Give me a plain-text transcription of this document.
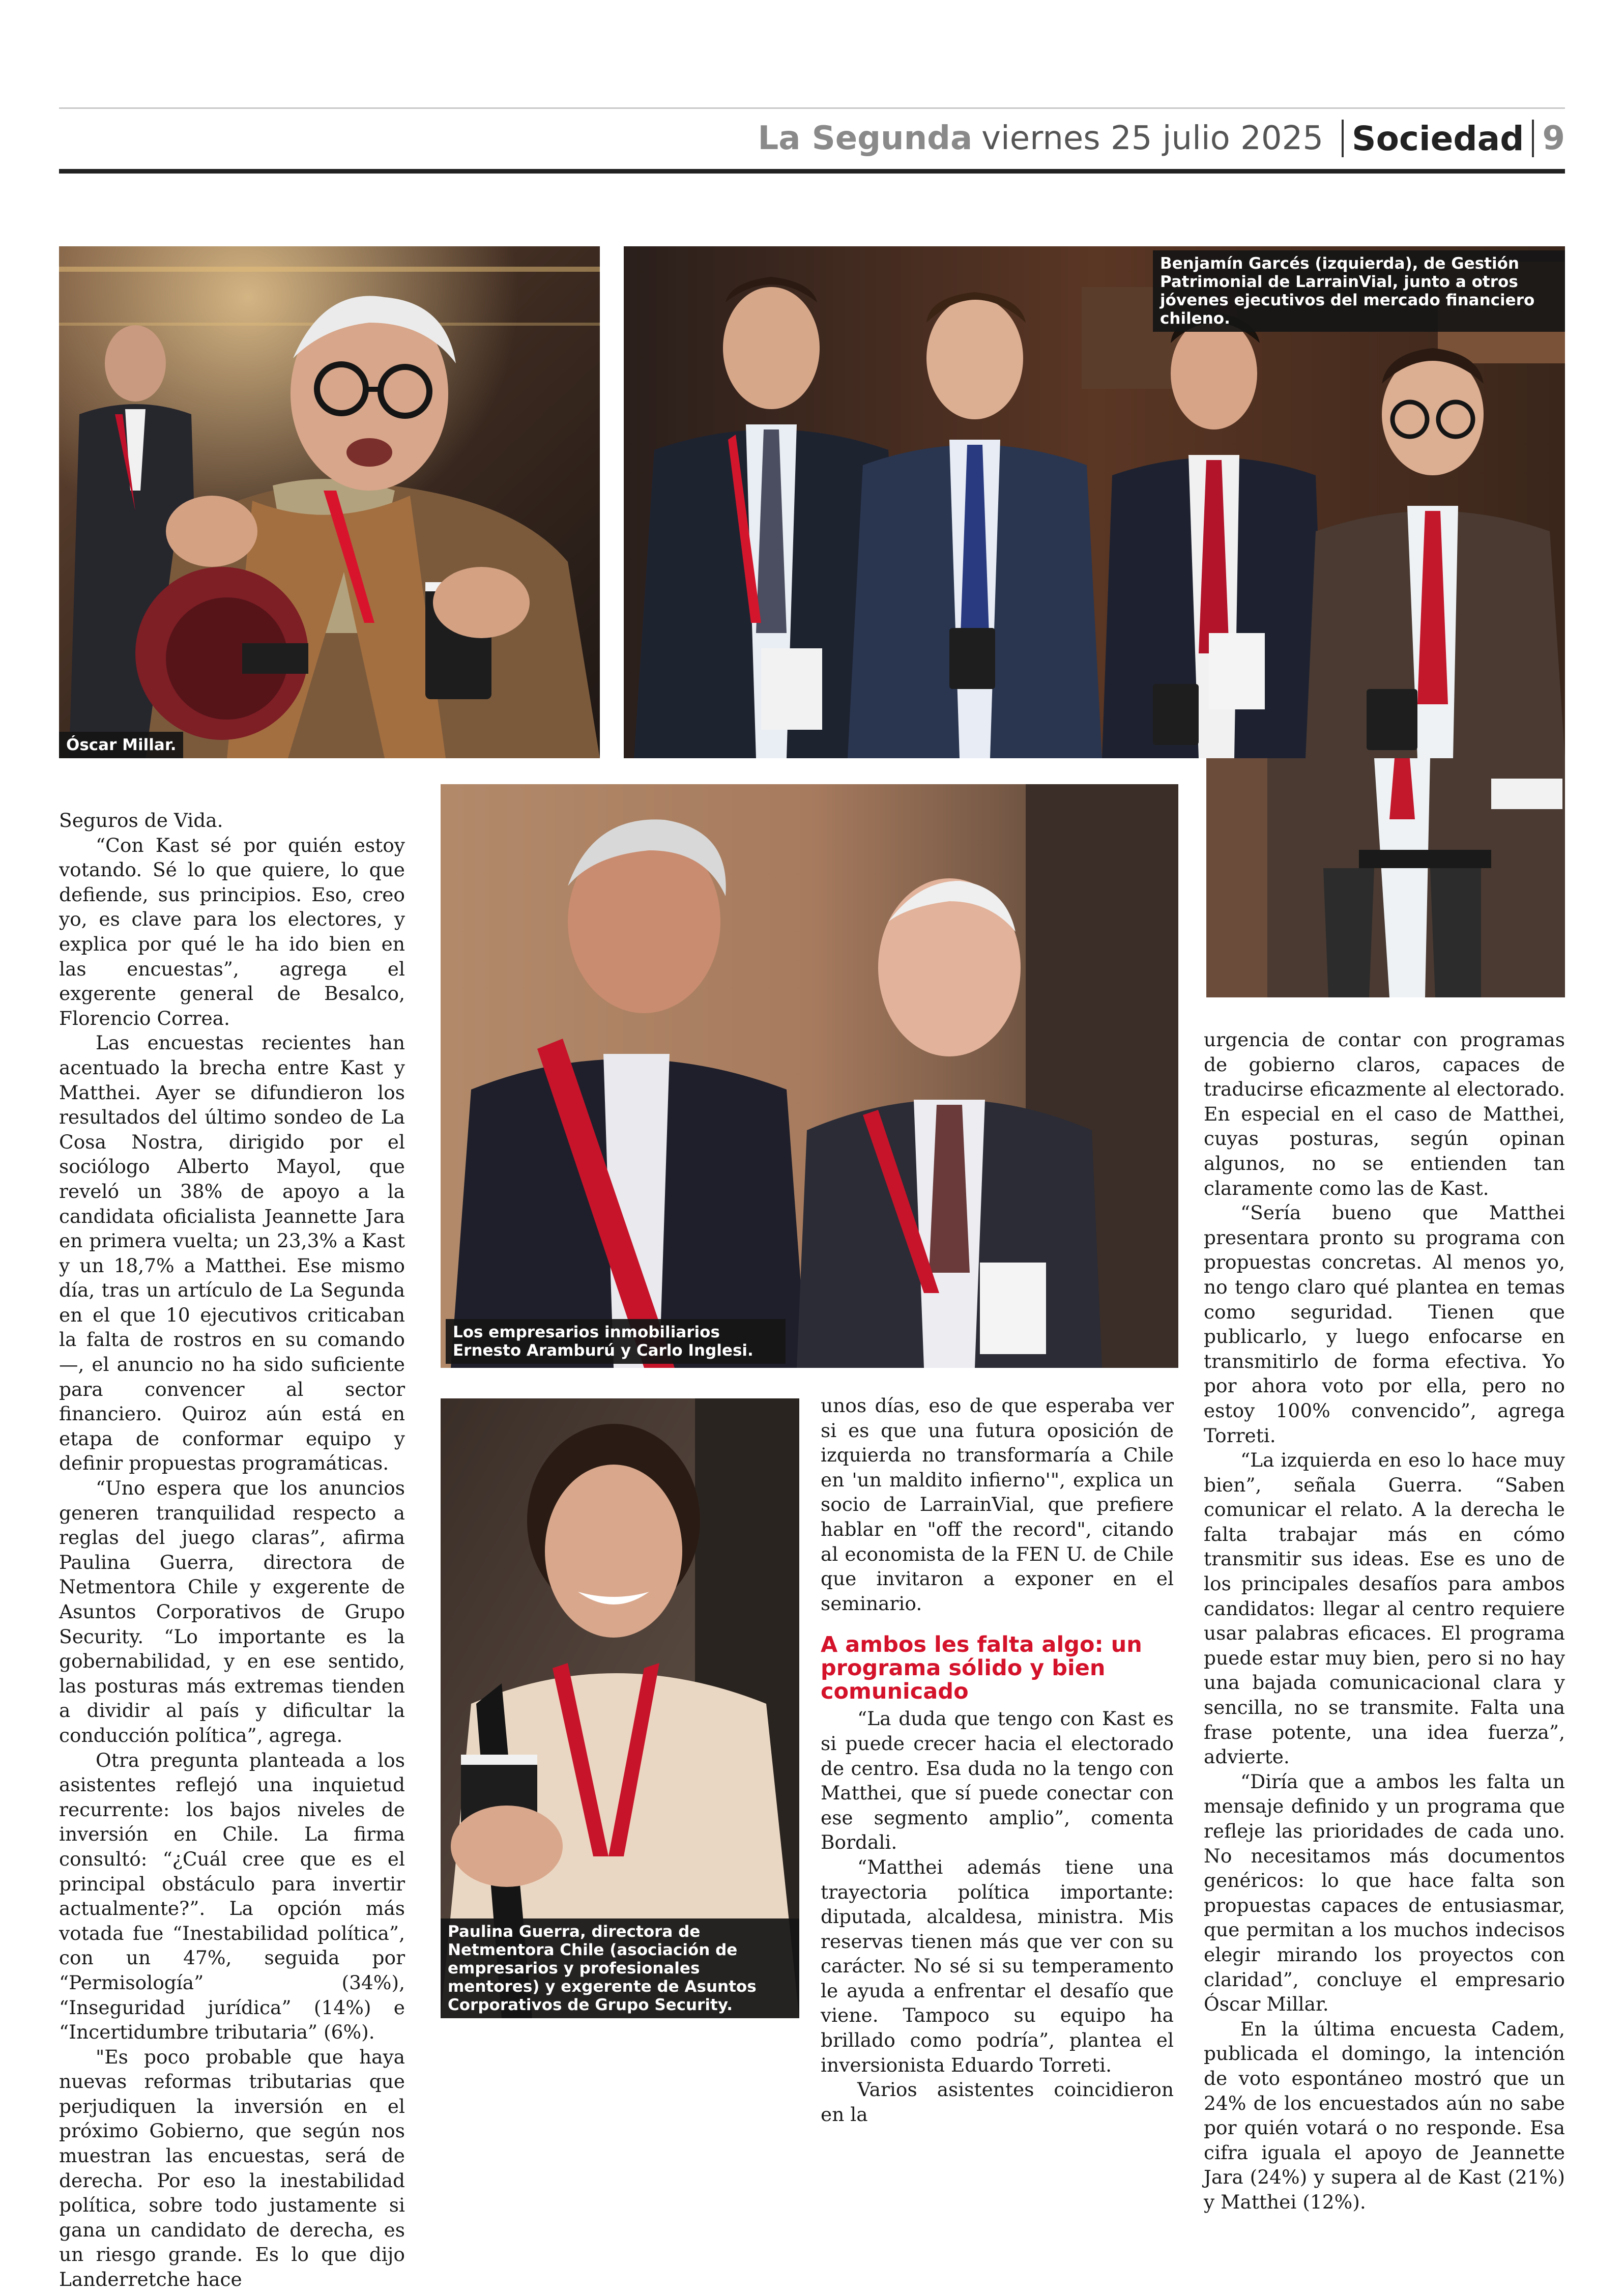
La Segunda viernes 25 julio 2025 Sociedad 9
Óscar Millar.
Benjamín Garcés (izquierda), de Gestión Patrimonial de LarrainVial, junto a otros jóvenes ejecutivos del mercado financiero chileno.
Los empresarios inmobiliarios Ernesto Aramburú y Carlo Inglesi.
Paulina Guerra, directora de Netmentora Chile (asociación de empresarios y profesionales mentores) y exgerente de Asuntos Corporativos de Grupo Security.

Seguros de Vida.

“Con Kast sé por quién estoy votando. Sé lo que quiere, lo que defiende, sus principios. Eso, creo yo, es clave para los electores, y explica por qué le ha ido bien en las encuestas”, agrega el exgerente general de Besalco, Florencio Correa.

Las encuestas recientes han acentuado la brecha entre Kast y Matthei. Ayer se difundieron los resultados del último sondeo de La Cosa Nostra, dirigido por el sociólogo Alberto Mayol, que reveló un 38% de apoyo a la candidata oficialista Jeannette Jara en primera vuelta; un 23,3% a Kast y un 18,7% a Matthei. Ese mismo día, tras un artículo de La Segunda en el que 10 ejecutivos criticaban la falta de rostros en su comando—, el anuncio no ha sido suficiente para convencer al sector financiero. Quiroz aún está en etapa de conformar equipo y definir propuestas programáticas.

“Uno espera que los anuncios generen tranquilidad respecto a reglas del juego claras”, afirma Paulina Guerra, directora de Netmentora Chile y exgerente de Asuntos Corporativos de Grupo Security. “Lo importante es la gobernabilidad, y en ese sentido, las posturas más extremas tienden a dividir al país y dificultar la conducción política”, agrega.

Otra pregunta planteada a los asistentes reflejó una inquietud recurrente: los bajos niveles de inversión en Chile. La firma consultó: “¿Cuál cree que es el principal obstáculo para invertir actualmente?”. La opción más votada fue “Inestabilidad política”, con un 47%, seguida por “Permisología” (34%), “Inseguridad jurídica” (14%) e “Incertidumbre tributaria” (6%).

"Es poco probable que haya nuevas reformas tributarias que perjudiquen la inversión en el próximo Gobierno, que según nos muestran las encuestas, será de derecha. Por eso la inestabilidad política, sobre todo justamente si gana un candidato de derecha, es un riesgo grande. Es lo que dijo Landerretche hace

unos días, eso de que esperaba ver si es que una futura oposición de izquierda no transformaría a Chile en 'un maldito infierno'", explica un socio de LarrainVial, que prefiere hablar en "off the record", citando al economista de la FEN U. de Chile que invitaron a exponer en el seminario.

A ambos les falta algo: un programa sólido y bien comunicado

“La duda que tengo con Kast es si puede crecer hacia el electorado de centro. Esa duda no la tengo con Matthei, que sí puede conectar con ese segmento amplio”, comenta Bordali.

“Matthei además tiene una trayectoria política importante: diputada, alcaldesa, ministra. Mis reservas tienen más que ver con su carácter. No sé si su temperamento le ayuda a enfrentar el desafío que viene. Tampoco su equipo ha brillado como podría”, plantea el inversionista Eduardo Torreti.

Varios asistentes coincidieron en la

urgencia de contar con programas de gobierno claros, capaces de traducirse eficazmente al electorado. En especial en el caso de Matthei, cuyas posturas, según opinan algunos, no se entienden tan claramente como las de Kast.

“Sería bueno que Matthei presentara pronto su programa con propuestas concretas. Al menos yo, no tengo claro qué plantea en temas como seguridad. Tienen que publicarlo, y luego enfocarse en transmitirlo de forma efectiva. Yo por ahora voto por ella, pero no estoy 100% convencido”, agrega Torreti.

“La izquierda en eso lo hace muy bien”, señala Guerra. “Saben comunicar el relato. A la derecha le falta trabajar más en cómo transmitir sus ideas. Ese es uno de los principales desafíos para ambos candidatos: llegar al centro requiere usar palabras eficaces. El programa puede estar muy bien, pero si no hay una bajada comunicacional clara y sencilla, no se transmite. Falta una frase potente, una idea fuerza”, advierte.

“Diría que a ambos les falta un mensaje definido y un programa que refleje las prioridades de cada uno. No necesitamos más documentos genéricos: lo que hace falta son propuestas capaces de entusiasmar, que permitan a los muchos indecisos elegir mirando los proyectos con claridad”, concluye el empresario Óscar Millar.

En la última encuesta Cadem, publicada el domingo, la intención de voto espontáneo mostró que un 24% de los encuestados aún no sabe por quién votará o no responde. Esa cifra iguala el apoyo de Jeannette Jara (24%) y supera al de Kast (21%) y Matthei (12%).
